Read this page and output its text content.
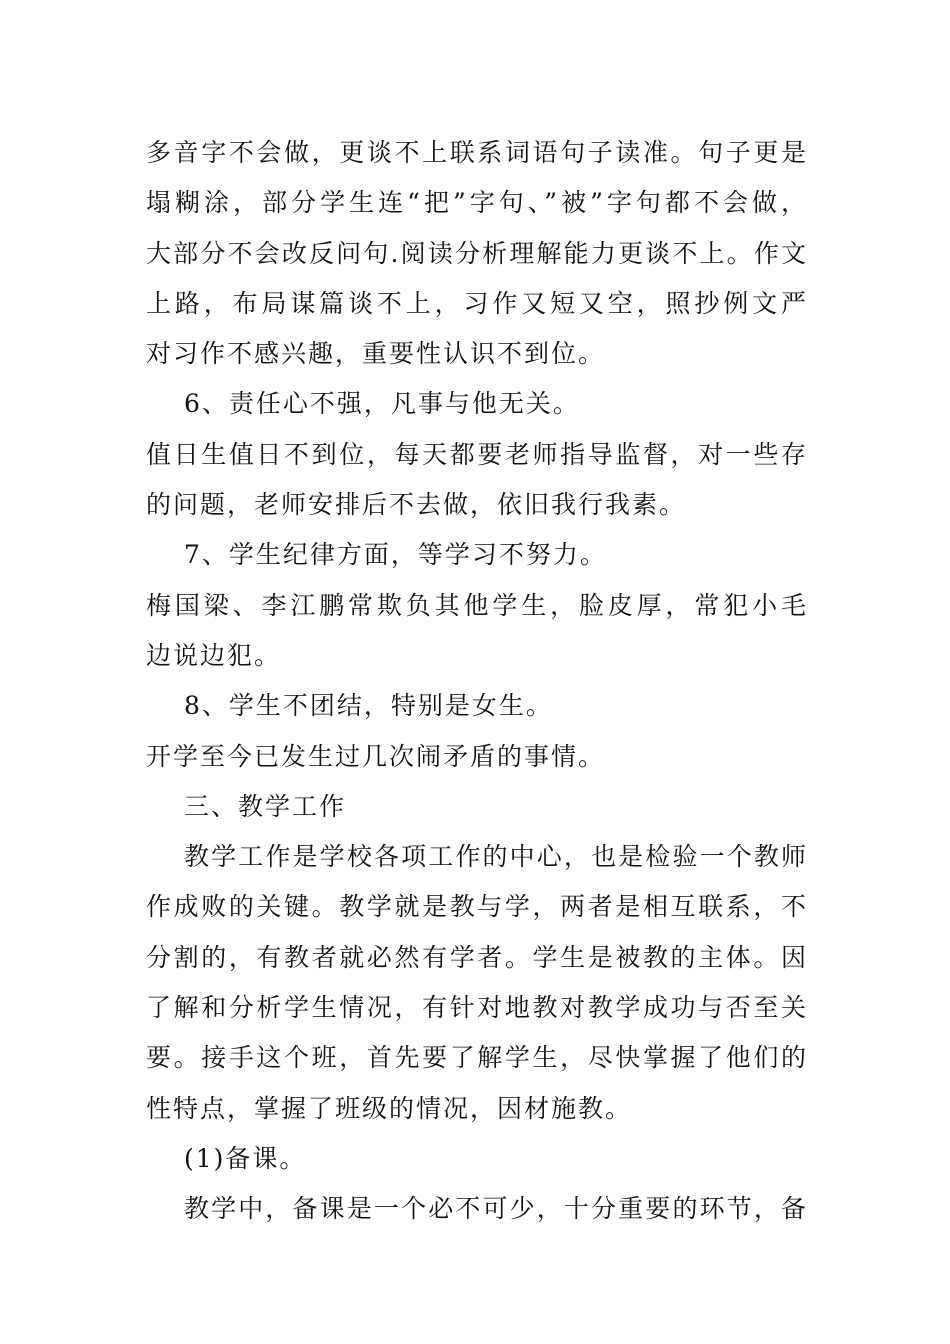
多音字不会做，更谈不上联系词语句子读准。句子更是

塌糊涂，部分学生连“把”字句、”被”字句都不会做，

大部分不会改反问句.阅读分析理解能力更谈不上。作文

上路，布局谋篇谈不上，习作又短又空，照抄例文严

对习作不感兴趣，重要性认识不到位。

6、责任心不强，凡事与他无关。

值日生值日不到位，每天都要老师指导监督，对一些存

的问题，老师安排后不去做，依旧我行我素。

7、学生纪律方面，等学习不努力。

梅国梁、李江鹏常欺负其他学生，脸皮厚，常犯小毛

边说边犯。

8、学生不团结，特别是女生。

开学至今已发生过几次闹矛盾的事情。

三、教学工作

教学工作是学校各项工作的中心，也是检验一个教师

作成败的关键。教学就是教与学，两者是相互联系，不

分割的，有教者就必然有学者。学生是被教的主体。因

了解和分析学生情况，有针对地教对教学成功与否至关

要。接手这个班，首先要了解学生，尽快掌握了他们的

性特点，掌握了班级的情况，因材施教。

(1)备课。

教学中，备课是一个必不可少，十分重要的环节，备
